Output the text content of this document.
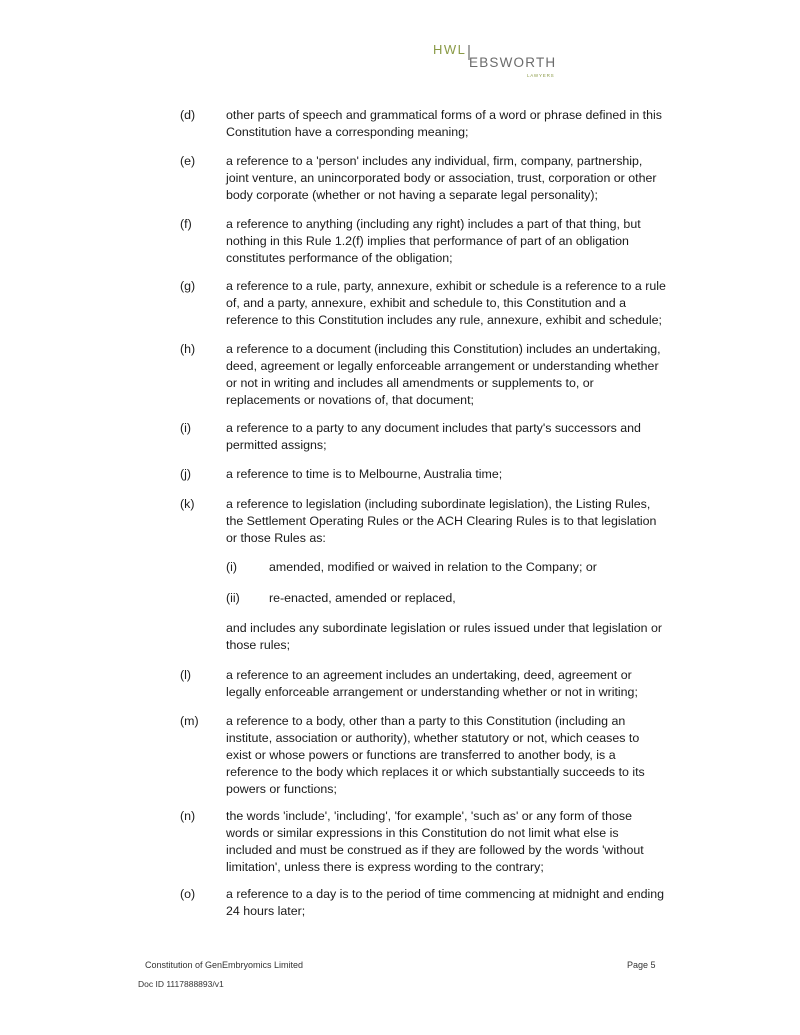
HWL
EBSWORTH
LAWYERS
(d) other parts of speech and grammatical forms of a word or phrase defined in this Constitution have a corresponding meaning;
(e) a reference to a 'person' includes any individual, firm, company, partnership, joint venture, an unincorporated body or association, trust, corporation or other body corporate (whether or not having a separate legal personality);
(f)	a reference to anything (including any right) includes a part of that thing, but nothing in this Rule 1.2(f) implies that performance of part of an obligation constitutes performance of the obligation;
(g) a reference to a rule, party, annexure, exhibit or schedule is a reference to a rule of, and a party, annexure, exhibit and schedule to, this Constitution and a reference to this Constitution includes any rule, annexure, exhibit and schedule;
(h) a reference to a document (including this Constitution) includes an undertaking, deed, agreement or legally enforceable arrangement or understanding whether or not in writing and includes all amendments or supplements to, or replacements or novations of, that document;
(i)	a reference to a party to any document includes that party's successors and permitted assigns;
(j)	a reference to time is to Melbourne, Australia time;
(k)	a reference to legislation (including subordinate legislation), the Listing Rules, the Settlement Operating Rules or the ACH Clearing Rules is to that legislation or those Rules as:
(i)	amended, modified or waived in relation to the Company; or
(ii) re-enacted, amended or replaced,
and includes any subordinate legislation or rules issued under that legislation or those rules;
(l)	a reference to an agreement includes an undertaking, deed, agreement or legally enforceable arrangement or understanding whether or not in writing;
(m) a reference to a body, other than a party to this Constitution (including an institute, association or authority), whether statutory or not, which ceases to exist or whose powers or functions are transferred to another body, is a reference to the body which replaces it or which substantially succeeds to its powers or functions;
(n) the words 'include', 'including', 'for example', 'such as' or any form of those words or similar expressions in this Constitution do not limit what else is included and must be construed as if they are followed by the words 'without limitation', unless there is express wording to the contrary;
(o) a reference to a day is to the period of time commencing at midnight and ending 24 hours later;
Constitution of GenEmbryomics Limited	Page 5
Doc ID 1117888893/v1
